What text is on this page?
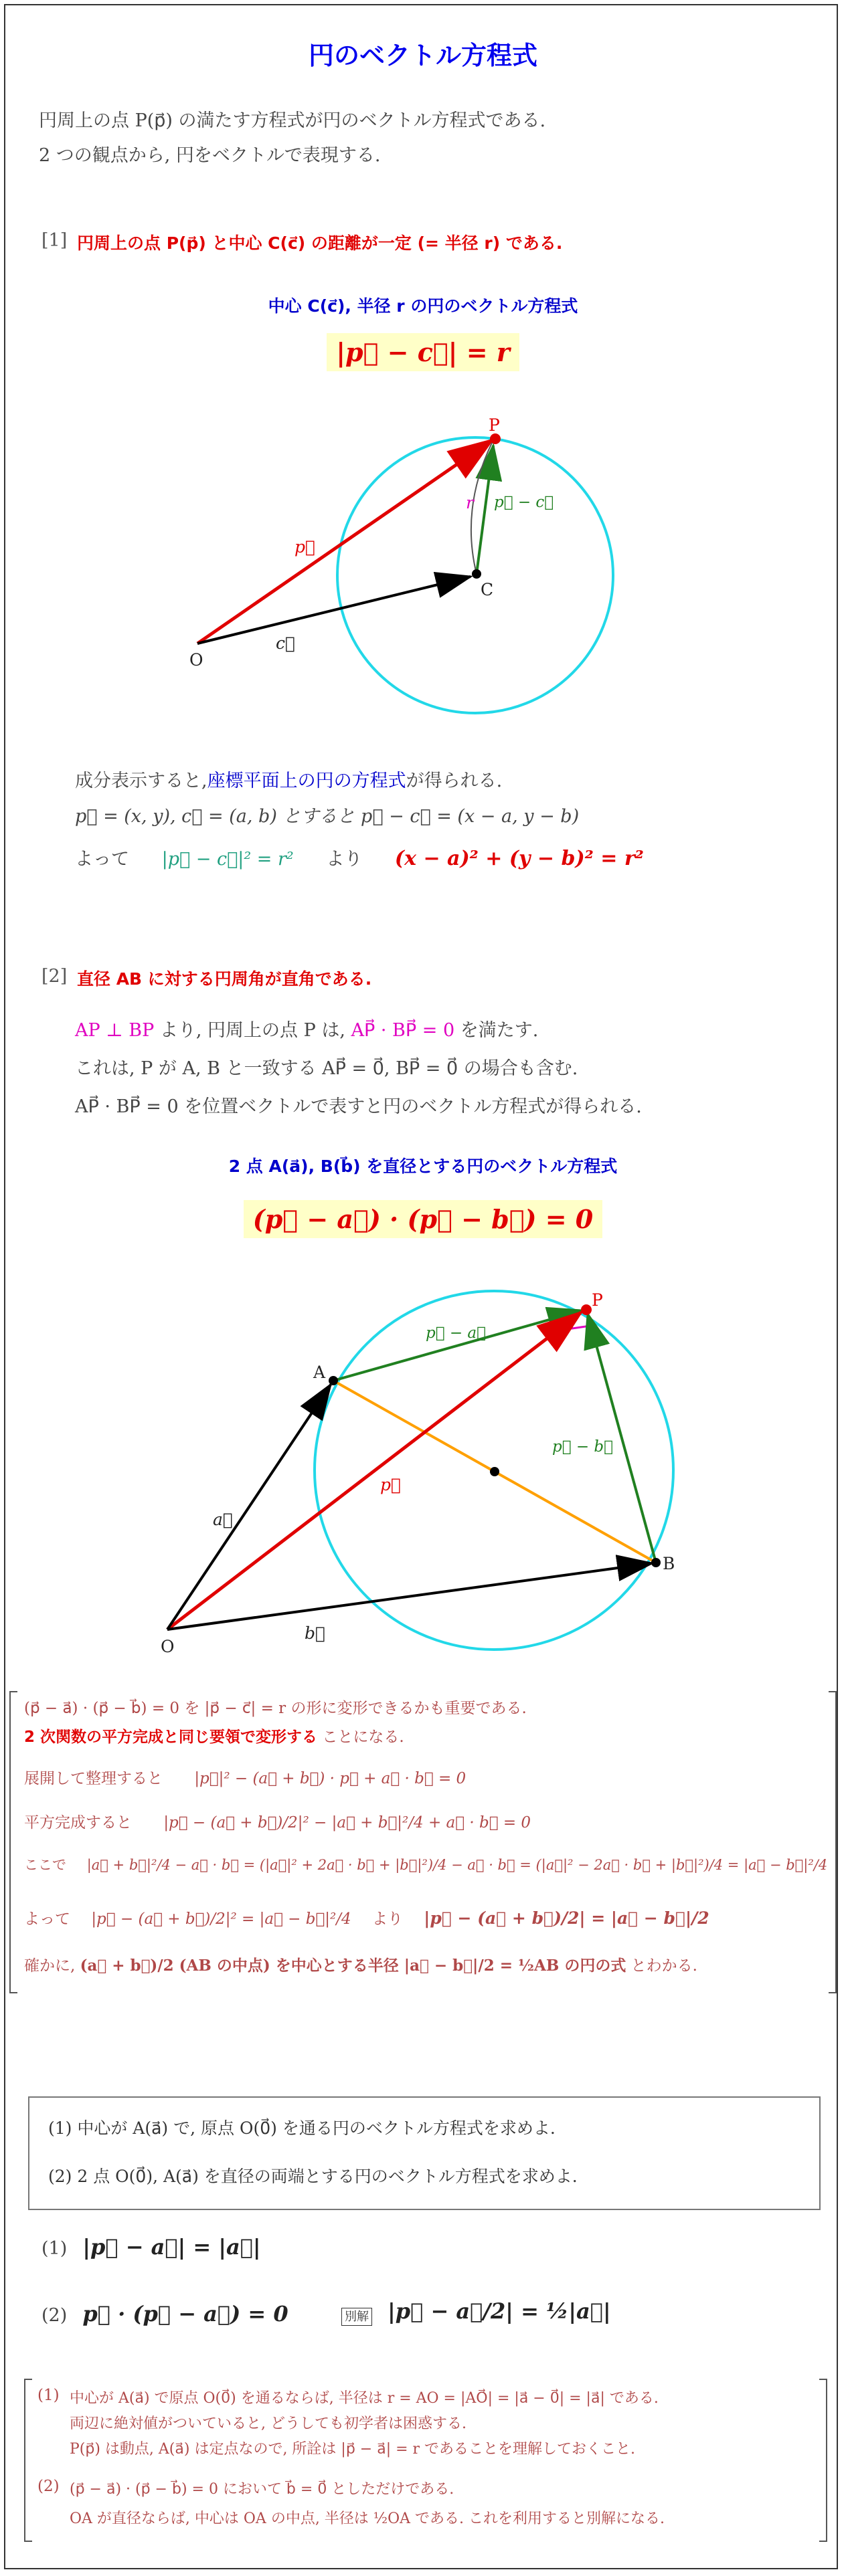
円のベクトル方程式
円周上の点 P(p⃗) の満たす方程式が円のベクトル方程式である.
2 つの観点から, 円をベクトルで表現する.
[1] 円周上の点 P(p⃗) と中心 C(c⃗) の距離が一定 (= 半径 r) である.
中心 C(c⃗), 半径 r の円のベクトル方程式
|p⃗ − c⃗| = r
P
C
O
p⃗
c⃗
r p⃗ − c⃗
成分表示すると,座標平面上の円の方程式が得られる.
p⃗ = (x, y), c⃗ = (a, b) とすると p⃗ − c⃗ = (x − a, y − b)
よって |p⃗ − c⃗|² = r² より (x − a)² + (y − b)² = r²
[2] 直径 AB に対する円周角が直角である.
AP ⊥ BP より, 円周上の点 P は, AP⃗ · BP⃗ = 0 を満たす.
これは, P が A, B と一致する AP⃗ = 0⃗, BP⃗ = 0⃗ の場合も含む.
AP⃗ · BP⃗ = 0 を位置ベクトルで表すと円のベクトル方程式が得られる.
2 点 A(a⃗), B(b⃗) を直径とする円のベクトル方程式
(p⃗ − a⃗) · (p⃗ − b⃗) = 0
P
A
B
O
a⃗
b⃗
p⃗
p⃗ − a⃗
p⃗ − b⃗
(p⃗ − a⃗) · (p⃗ − b⃗) = 0 を |p⃗ − c⃗| = r の形に変形できるかも重要である.
2 次関数の平方完成と同じ要領で変形する ことになる.
展開して整理すると |p⃗|² − (a⃗ + b⃗) · p⃗ + a⃗ · b⃗ = 0
平方完成すると |p⃗ − (a⃗ + b⃗)/2|² − |a⃗ + b⃗|²/4 + a⃗ · b⃗ = 0
ここで |a⃗ + b⃗|²/4 − a⃗ · b⃗ = (|a⃗|² + 2a⃗ · b⃗ + |b⃗|²)/4 − a⃗ · b⃗ = (|a⃗|² − 2a⃗ · b⃗ + |b⃗|²)/4 = |a⃗ − b⃗|²/4
よって |p⃗ − (a⃗ + b⃗)/2|² = |a⃗ − b⃗|²/4 より |p⃗ − (a⃗ + b⃗)/2| = |a⃗ − b⃗|/2
確かに, (a⃗ + b⃗)/2 (AB の中点) を中心とする半径 |a⃗ − b⃗|/2 = ½AB の円の式 とわかる.
(1) 中心が A(a⃗) で, 原点 O(0⃗) を通る円のベクトル方程式を求めよ.
(2) 2 点 O(0⃗), A(a⃗) を直径の両端とする円のベクトル方程式を求めよ.
(1) |p⃗ − a⃗| = |a⃗|
(2) p⃗ · (p⃗ − a⃗) = 0	別解 |p⃗ − a⃗/2| = ½|a⃗|
(1) 中心が A(a⃗) で原点 O(0⃗) を通るならば, 半径は r = AO = |AO⃗| = |a⃗ − 0⃗| = |a⃗| である.
両辺に絶対値がついていると, どうしても初学者は困惑する.
P(p⃗) は動点, A(a⃗) は定点なので, 所詮は |p⃗ − a⃗| = r であることを理解しておくこと.
(2) (p⃗ − a⃗) · (p⃗ − b⃗) = 0 において b⃗ = 0⃗ としただけである.
OA が直径ならば, 中心は OA の中点, 半径は ½OA である. これを利用すると別解になる.
